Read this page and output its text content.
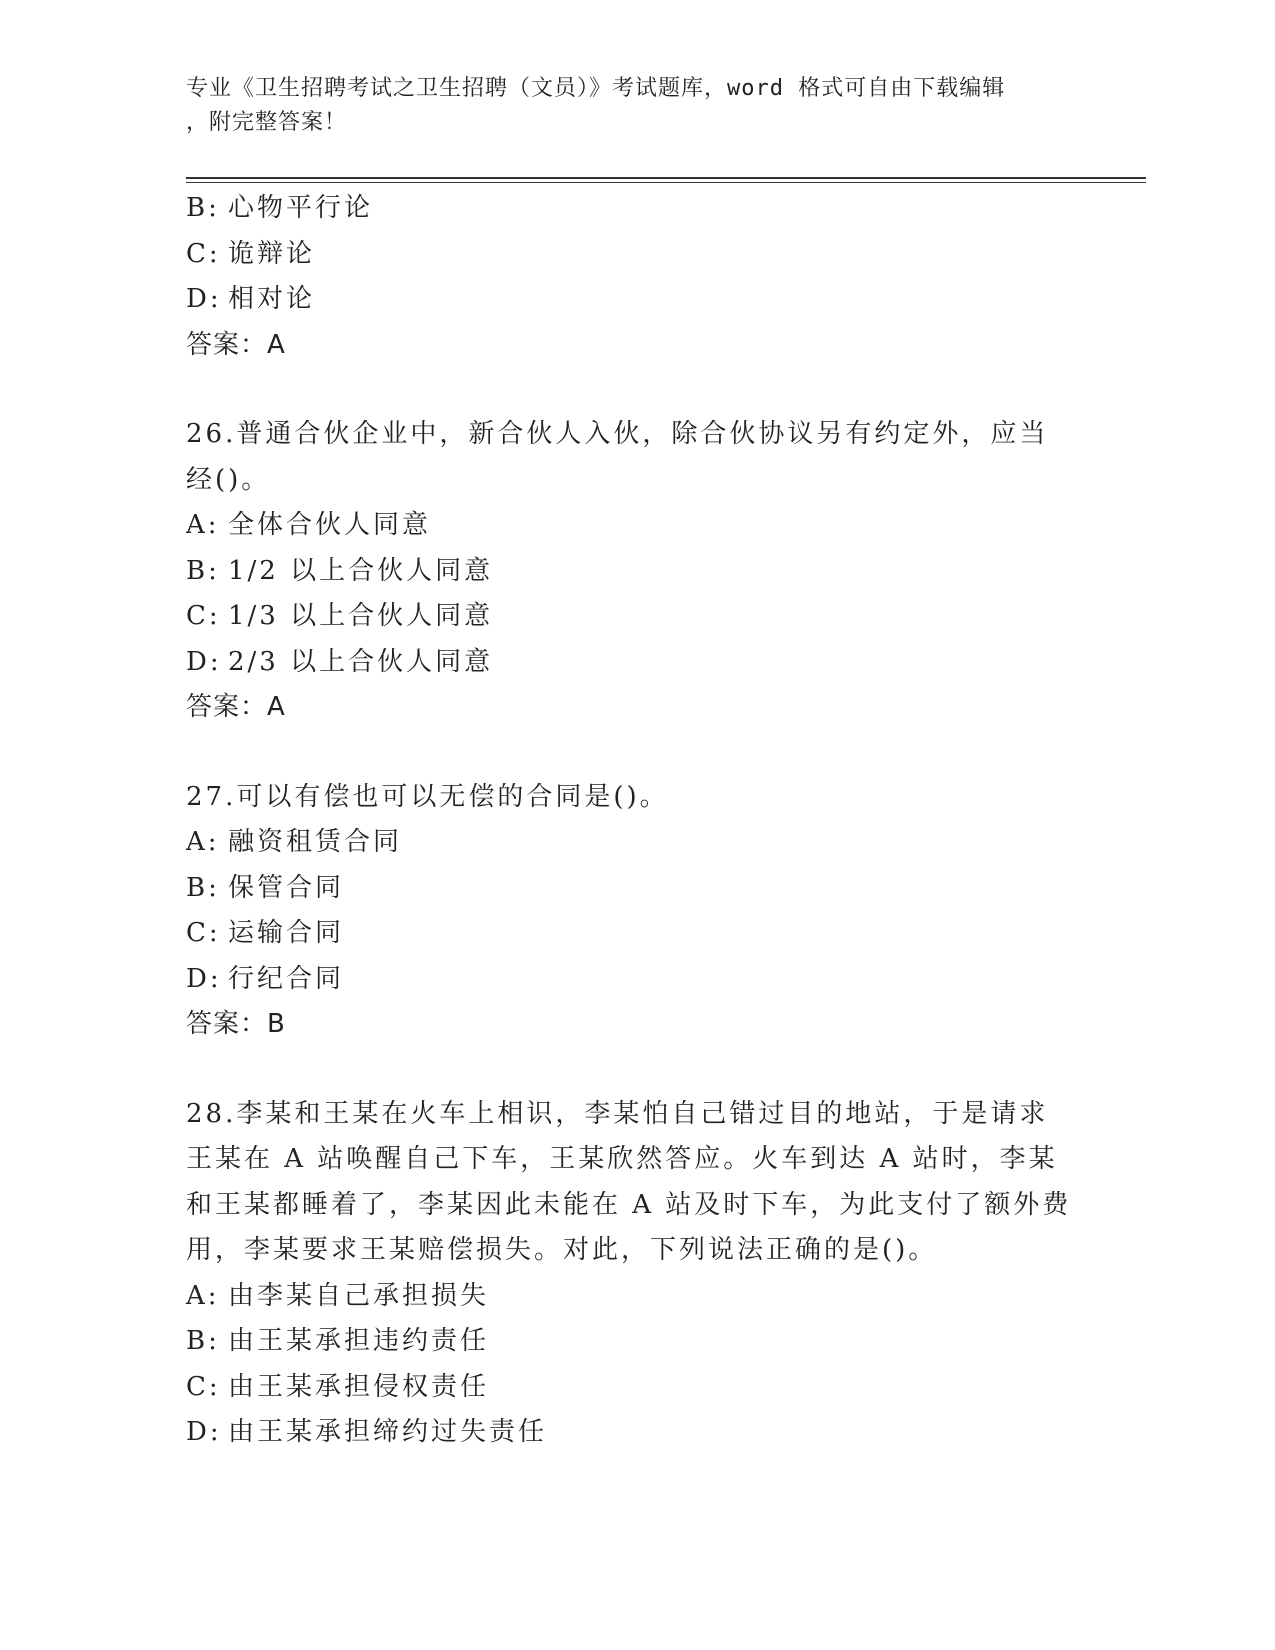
专业《卫生招聘考试之卫生招聘（文员）》考试题库，word 格式可自由下载编辑
，附完整答案！
B: 心物平行论
C: 诡辩论
D: 相对论
答案：A
26.普通合伙企业中，新合伙人入伙，除合伙协议另有约定外，应当经()。
A: 全体合伙人同意
B: 1/2 以上合伙人同意
C: 1/3 以上合伙人同意
D: 2/3 以上合伙人同意
答案：A
27.可以有偿也可以无偿的合同是()。
A: 融资租赁合同
B: 保管合同
C: 运输合同
D: 行纪合同
答案：B
28.李某和王某在火车上相识，李某怕自己错过目的地站，于是请求王某在 A 站唤醒自己下车，王某欣然答应。火车到达 A 站时，李某和王某都睡着了，李某因此未能在 A 站及时下车，为此支付了额外费用，李某要求王某赔偿损失。对此，下列说法正确的是()。
A: 由李某自己承担损失
B: 由王某承担违约责任
C: 由王某承担侵权责任
D: 由王某承担缔约过失责任
